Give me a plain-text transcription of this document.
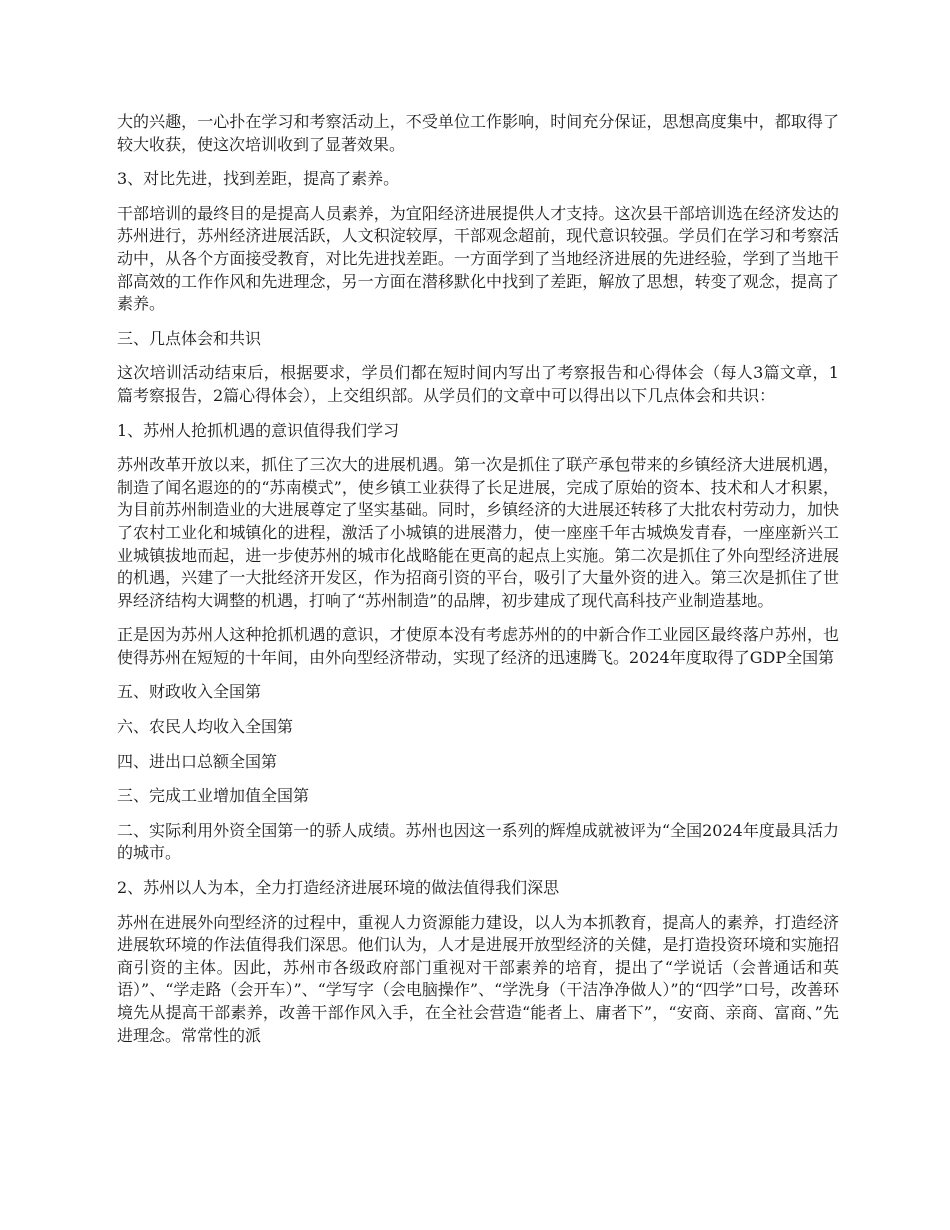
大的兴趣，一心扑在学习和考察活动上，不受单位工作影响，时间充分保证，思想高度集中，都取得了较大收获，使这次培训收到了显著效果。

3、对比先进，找到差距，提高了素养。

干部培训的最终目的是提高人员素养，为宜阳经济进展提供人才支持。这次县干部培训选在经济发达的苏州进行，苏州经济进展活跃，人文积淀较厚，干部观念超前，现代意识较强。学员们在学习和考察活动中，从各个方面接受教育，对比先进找差距。一方面学到了当地经济进展的先进经验，学到了当地干部高效的工作作风和先进理念，另一方面在潜移默化中找到了差距，解放了思想，转变了观念，提高了素养。

三、几点体会和共识

这次培训活动结束后，根据要求，学员们都在短时间内写出了考察报告和心得体会（每人3篇文章，1篇考察报告，2篇心得体会），上交组织部。从学员们的文章中可以得出以下几点体会和共识：

1、苏州人抢抓机遇的意识值得我们学习

苏州改革开放以来，抓住了三次大的进展机遇。第一次是抓住了联产承包带来的乡镇经济大进展机遇，制造了闻名遐迩的的“苏南模式”，使乡镇工业获得了长足进展，完成了原始的资本、技术和人才积累，为目前苏州制造业的大进展尊定了坚实基础。同时，乡镇经济的大进展还转移了大批农村劳动力，加快了农村工业化和城镇化的进程，激活了小城镇的进展潜力，使一座座千年古城焕发青春，一座座新兴工业城镇拔地而起，进一步使苏州的城市化战略能在更高的起点上实施。第二次是抓住了外向型经济进展的机遇，兴建了一大批经济开发区，作为招商引资的平台，吸引了大量外资的进入。第三次是抓住了世界经济结构大调整的机遇，打响了“苏州制造”的品牌，初步建成了现代高科技产业制造基地。

正是因为苏州人这种抢抓机遇的意识，才使原本没有考虑苏州的的中新合作工业园区最终落户苏州，也使得苏州在短短的十年间，由外向型经济带动，实现了经济的迅速腾飞。2024年度取得了GDP全国第

五、财政收入全国第

六、农民人均收入全国第

四、进出口总额全国第

三、完成工业增加值全国第

二、实际利用外资全国第一的骄人成绩。苏州也因这一系列的辉煌成就被评为“全国2024年度最具活力的城市。

2、苏州以人为本，全力打造经济进展环境的做法值得我们深思

苏州在进展外向型经济的过程中，重视人力资源能力建设，以人为本抓教育，提高人的素养，打造经济进展软环境的作法值得我们深思。他们认为，人才是进展开放型经济的关健，是打造投资环境和实施招商引资的主体。因此，苏州市各级政府部门重视对干部素养的培育，提出了“学说话（会普通话和英语）”、“学走路（会开车）”、“学写字（会电脑操作”、“学洗身（干洁净净做人）”的“四学”口号，改善环境先从提高干部素养，改善干部作风入手，在全社会营造“能者上、庸者下”，“安商、亲商、富商、”先进理念。常常性的派
